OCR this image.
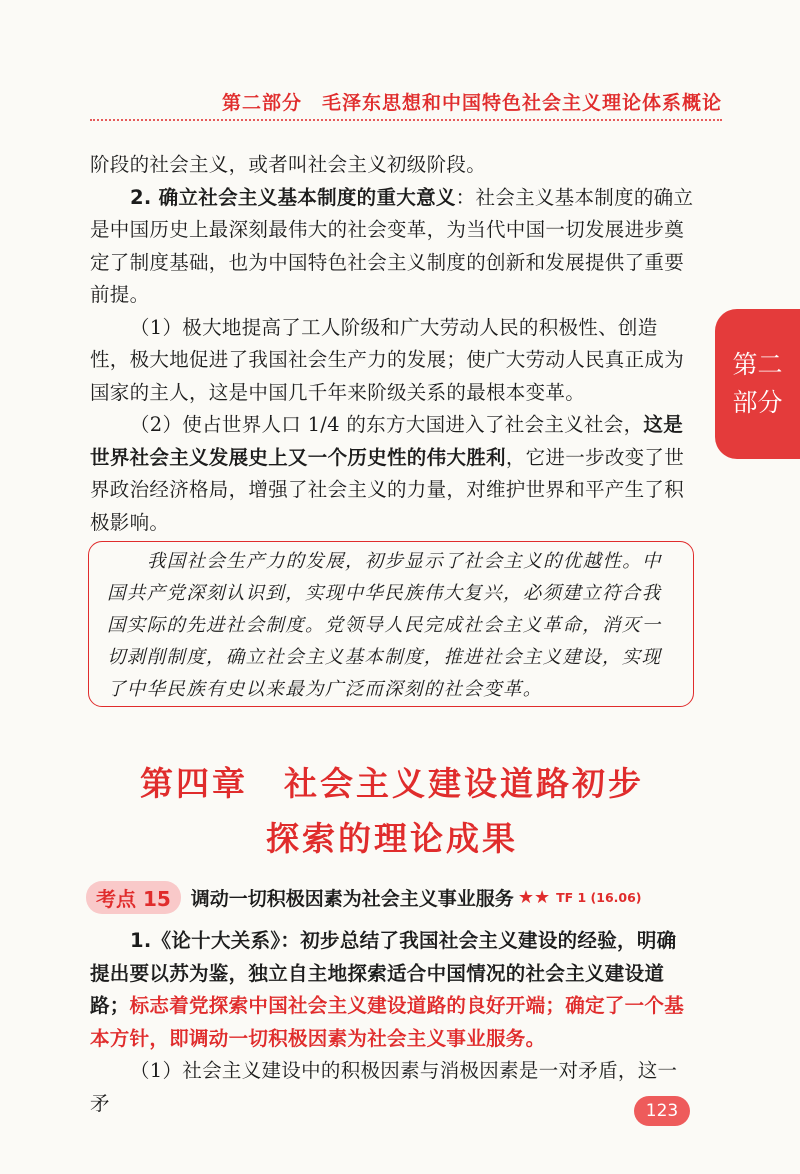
第二部分　毛泽东思想和中国特色社会主义理论体系概论
第二
部分

阶段的社会主义，或者叫社会主义初级阶段。

2. 确立社会主义基本制度的重大意义：社会主义基本制度的确立是中国历史上最深刻最伟大的社会变革，为当代中国一切发展进步奠定了制度基础，也为中国特色社会主义制度的创新和发展提供了重要前提。

（1）极大地提高了工人阶级和广大劳动人民的积极性、创造性，极大地促进了我国社会生产力的发展；使广大劳动人民真正成为国家的主人，这是中国几千年来阶级关系的最根本变革。

（2）使占世界人口 1/4 的东方大国进入了社会主义社会，这是世界社会主义发展史上又一个历史性的伟大胜利，它进一步改变了世界政治经济格局，增强了社会主义的力量，对维护世界和平产生了积极影响。

我国社会生产力的发展，初步显示了社会主义的优越性。中国共产党深刻认识到，实现中华民族伟大复兴，必须建立符合我国实际的先进社会制度。党领导人民完成社会主义革命，消灭一切剥削制度，确立社会主义基本制度，推进社会主义建设，实现了中华民族有史以来最为广泛而深刻的社会变革。

第四章　社会主义建设道路初步
探索的理论成果
考点 15	调动一切积极因素为社会主义事业服务 ★★ TF 1 (16.06)

1.《论十大关系》：初步总结了我国社会主义建设的经验，明确提出要以苏为鉴，独立自主地探索适合中国情况的社会主义建设道路；标志着党探索中国社会主义建设道路的良好开端；确定了一个基本方针，即调动一切积极因素为社会主义事业服务。

（1）社会主义建设中的积极因素与消极因素是一对矛盾，这一矛	123
